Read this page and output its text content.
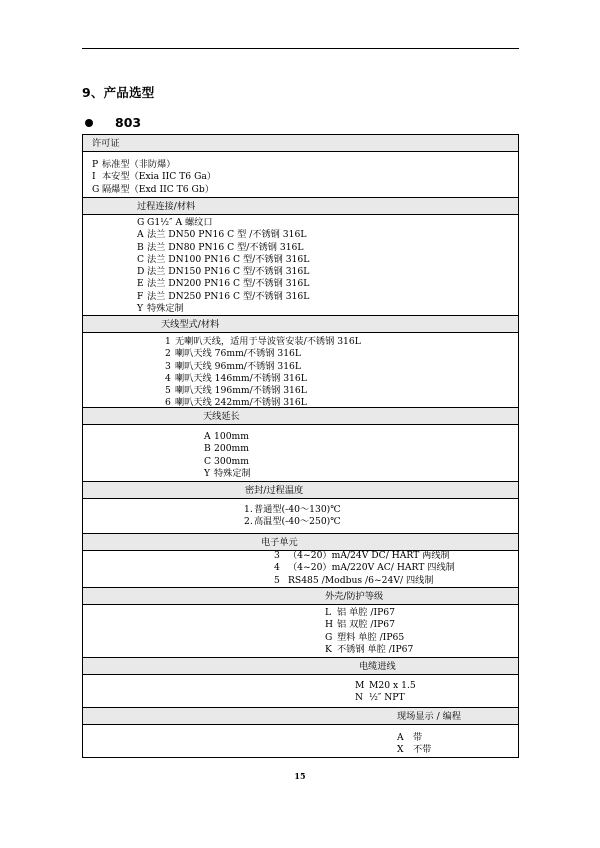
9、产品选型
803
许可证
P 标准型（非防爆）
I 本安型（Exia IIC T6 Ga）
G 隔爆型（Exd IIC T6 Gb）
过程连接/材料
G G1½″ A 螺纹口
A 法兰 DN50 PN16 C 型 /不锈钢 316L
B 法兰 DN80 PN16 C 型/不锈钢 316L
C 法兰 DN100 PN16 C 型/不锈钢 316L
D 法兰 DN150 PN16 C 型/不锈钢 316L
E 法兰 DN200 PN16 C 型/不锈钢 316L
F 法兰 DN250 PN16 C 型/不锈钢 316L
Y 特殊定制
天线型式/材料
1 无喇叭天线，适用于导波管安装/不锈钢 316L
2 喇叭天线 76mm/不锈钢 316L
3 喇叭天线 96mm/不锈钢 316L
4 喇叭天线 146mm/不锈钢 316L
5 喇叭天线 196mm/不锈钢 316L
6 喇叭天线 242mm/不锈钢 316L
天线延长
A 100mm
B 200mm
C 300mm
Y 特殊定制
密封/过程温度
1.普通型(-40～130)℃
2.高温型(-40～250)℃
电子单元
3 （4~20）mA/24V DC/ HART 两线制
4 （4~20）mA/220V AC/ HART 四线制
5 RS485 /Modbus /6~24V/ 四线制
外壳/防护等级
L 铝 单腔 /IP67
H 铝 双腔 /IP67
G 塑料 单腔 /IP65
K 不锈钢 单腔 /IP67
电缆进线
M M20 x 1.5
N ½″ NPT
现场显示 / 编程
A 带
X 不带
15
